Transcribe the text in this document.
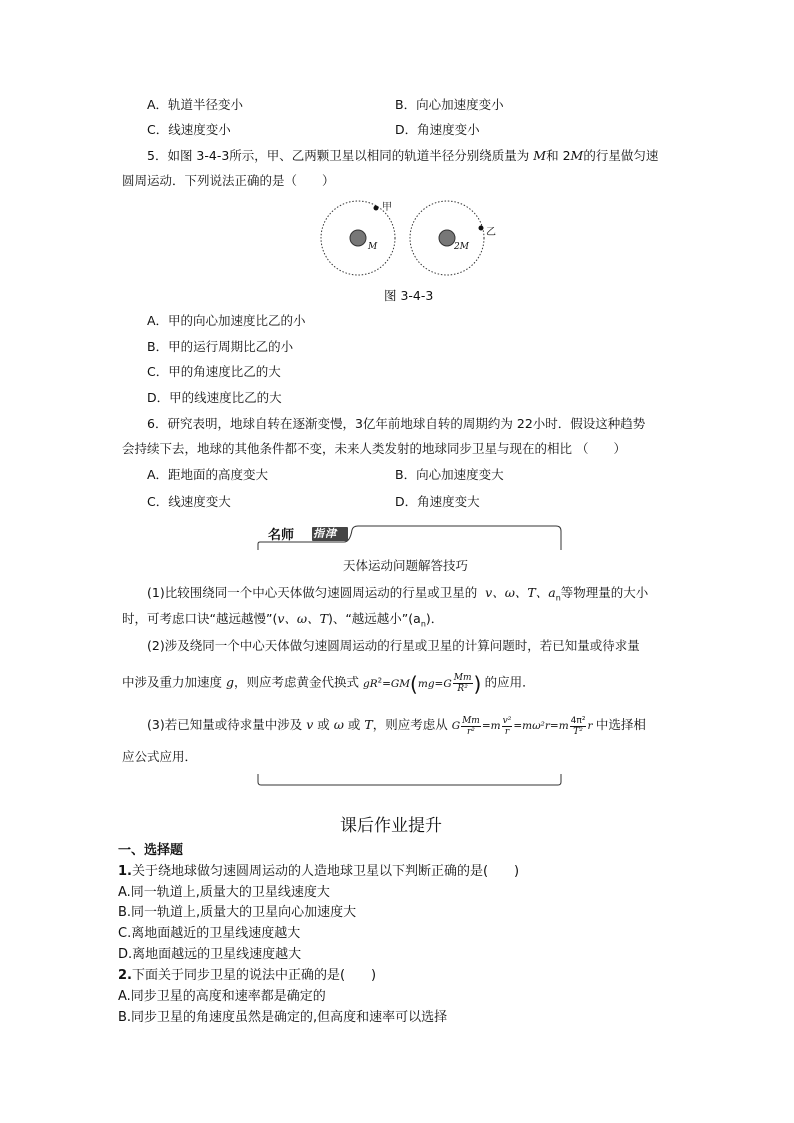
A．轨道半径变小	B．向心加速度变小
C．线速度变小	D．角速度变小
5．如图 3-4-3所示，甲、乙两颗卫星以相同的轨道半径分别绕质量为 M和 2M的行星做匀速
圆周运动．下列说法正确的是（　　）
甲
乙
M	2M
图 3-4-3
A．甲的向心加速度比乙的小
B．甲的运行周期比乙的小
C．甲的角速度比乙的大
D．甲的线速度比乙的大
6．研究表明，地球自转在逐渐变慢，3亿年前地球自转的周期约为 22小时．假设这种趋势
会持续下去，地球的其他条件都不变，未来人类发射的地球同步卫星与现在的相比 （　　）
A．距地面的高度变大	B．向心加速度变大
C．线速度变大	D．角速度变大
名师 指津
天体运动问题解答技巧
(1)比较围绕同一个中心天体做匀速圆周运动的行星或卫星的  v、ω、T、$a_n$等物理量的大小
时，可考虑口诀“越远越慢”(v、ω、T)、“越远越小$”(a_n)$．
(2)涉及绕同一个中心天体做匀速圆周运动的行星或卫星的计算问题时，若已知量或待求量
中涉及重力加速度 g，则应考虑黄金代换式 $gR^2=GM(mg=G \frac{Mm}{\text{R²}}$ ) 的应用．
(3)若已知量或待求量中涉及 v 或 ω 或 T，则应考虑从 G $\frac{Mm}{\text{r²}} =m \frac{\text{v²}}{r} =m\omega^2r=m \frac{\text{4π²}}{\text{T²}}$ r 中选择相
应公式应用．
课后作业提升
一、选择题
1.关于绕地球做匀速圆周运动的人造地球卫星以下判断正确的是(　　)
A.同一轨道上,质量大的卫星线速度大
B.同一轨道上,质量大的卫星向心加速度大
C.离地面越近的卫星线速度越大
D.离地面越远的卫星线速度越大
2.下面关于同步卫星的说法中正确的是(　　)
A.同步卫星的高度和速率都是确定的
B.同步卫星的角速度虽然是确定的,但高度和速率可以选择
